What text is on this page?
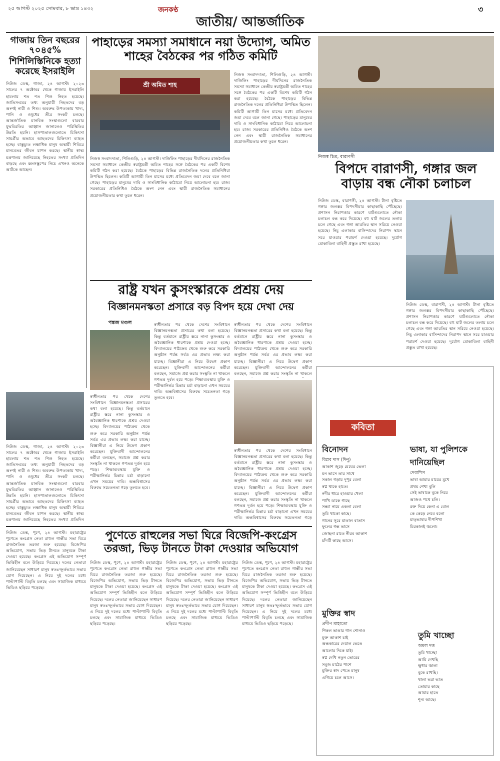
২৫ আগস্ট ২০২৫ সোমবার, ৮ ভাদ্র ১৪৩২	জনকণ্ঠ
জাতীয়/ আন্তর্জাতিক
৩
গাজায় তিন বছরের ৭০৪৫% শিশিলিস্তিনিকে হত্যা করেছে ইসরাইলি
নিউজ ডেস্ক, গাজা, ২৪ আগস্ট। ২০২৩ সালের ৭ অক্টোবর থেকে গাজায় ইসরাইলি হামলায় শত শত শিশু নিহত হয়েছে। জাতিসংঘের তথ্য অনুযায়ী নিহতদের বড় অংশই নারী ও শিশু। অবরুদ্ধ উপত্যকায় খাদ্য, পানি ও ওষুধের তীব্র সংকট চলছে। আন্তর্জাতিক মানবিক সংস্থাগুলো বারবার যুদ্ধবিরতির আহ্বান জানালেও পরিস্থিতির উন্নতি হয়নি। হাসপাতালগুলোতে চিকিৎসা সামগ্রীর অভাবে আহতদের চিকিৎসা ব্যাহত হচ্ছে। বাস্তুচ্যুত লক্ষাধিক মানুষ অস্থায়ী শিবিরে মানবেতর জীবন যাপন করছে। স্থানীয় স্বাস্থ্য মন্ত্রণালয় জানিয়েছে নিহতের সংখ্যা প্রতিদিন বাড়ছে এবং ধ্বংসস্তূপের নিচে এখনও অনেকে আটকে আছেন।
পাহাড়ের সমস্যা সমাধানে নয়া উদ্যোগ, অমিত শাহের বৈঠকের পর গঠিত কমিটি
শ্রী অমিত শাহ
নিজস্ব সংবাদদাতা, শিলিগুড়ি, ২৪ আগস্ট। দার্জিলিং পাহাড়ের দীর্ঘদিনের রাজনৈতিক সমস্যা সমাধানে কেন্দ্রীয় স্বরাষ্ট্রমন্ত্রী অমিত শাহের সঙ্গে বৈঠকের পর একটি বিশেষ কমিটি গঠন করা হয়েছে। বৈঠকে পাহাড়ের বিভিন্ন রাজনৈতিক দলের প্রতিনিধিরা উপস্থিত ছিলেন। কমিটি আগামী তিন মাসের মধ্যে প্রতিবেদন জমা দেবে বলে জানা গেছে। পাহাড়ের মানুষের দাবি ও সাংবিধানিক কাঠামো নিয়ে আলোচনা হয়। রাজ্য সরকারের প্রতিনিধিও বৈঠকে অংশ নেন এবং স্থায়ী রাজনৈতিক সমাধানের প্রয়োজনীয়তার কথা তুলে ধরেন।
নিজস্ব সংবাদদাতা, শিলিগুড়ি, ২৪ আগস্ট। দার্জিলিং পাহাড়ের দীর্ঘদিনের রাজনৈতিক সমস্যা সমাধানে কেন্দ্রীয় স্বরাষ্ট্রমন্ত্রী অমিত শাহের সঙ্গে বৈঠকের পর একটি বিশেষ কমিটি গঠন করা হয়েছে। বৈঠকে পাহাড়ের বিভিন্ন রাজনৈতিক দলের প্রতিনিধিরা উপস্থিত ছিলেন। কমিটি আগামী তিন মাসের মধ্যে প্রতিবেদন জমা দেবে বলে জানা গেছে। পাহাড়ের মানুষের দাবি ও সাংবিধানিক কাঠামো নিয়ে আলোচনা হয়। রাজ্য সরকারের প্রতিনিধিও বৈঠকে অংশ নেন এবং স্থায়ী রাজনৈতিক সমাধানের প্রয়োজনীয়তার কথা তুলে ধরেন।
নিজস্ব চিত্র, বারাণসী
বিপদে বারাণসী, গঙ্গার জল বাড়ায় বন্ধ নৌকা চলাচল
নিউজ ডেস্ক, বারাণসী, ২৪ আগস্ট। টানা বৃষ্টিতে গঙ্গার জলস্তর বিপদসীমার কাছাকাছি পৌঁছেছে। প্রশাসন নিরাপত্তার কারণে ঘাটগুলোতে নৌকা চলাচল বন্ধ করে দিয়েছে। বহু ঘাট জলের তলায় চলে গেছে এবং গঙ্গা আরতির স্থান সরিয়ে নেওয়া হয়েছে। নিচু এলাকার বাসিন্দাদের নিরাপদ স্থানে সরে যাওয়ার পরামর্শ দেওয়া হয়েছে। দুর্যোগ মোকাবিলা বাহিনী প্রস্তুত রাখা হয়েছে।
নিউজ ডেস্ক, বারাণসী, ২৪ আগস্ট। টানা বৃষ্টিতে গঙ্গার জলস্তর বিপদসীমার কাছাকাছি পৌঁছেছে। প্রশাসন নিরাপত্তার কারণে ঘাটগুলোতে নৌকা চলাচল বন্ধ করে দিয়েছে। বহু ঘাট জলের তলায় চলে গেছে এবং গঙ্গা আরতির স্থান সরিয়ে নেওয়া হয়েছে। নিচু এলাকার বাসিন্দাদের নিরাপদ স্থানে সরে যাওয়ার পরামর্শ দেওয়া হয়েছে। দুর্যোগ মোকাবিলা বাহিনী প্রস্তুত রাখা হয়েছে।
রাষ্ট্র যখন কুসংস্কারকে প্রশ্রয় দেয়
বিজ্ঞানমনস্কতা প্রসারে বড় বিপদ হয়ে দেখা দেয়
পঙ্কজ মণ্ডল
স্বাধীনতার পর থেকে দেশের সংবিধানে বিজ্ঞানমনস্কতা প্রসারের কথা বলা হয়েছে। কিন্তু বর্তমানে রাষ্ট্রীয় স্তরে নানা কুসংস্কার ও অবৈজ্ঞানিক ধারণাকে প্রশ্রয় দেওয়া হচ্ছে। বিদ্যালয়ের পাঠ্যক্রম থেকে শুরু করে সরকারি অনুষ্ঠান পর্যন্ত সর্বত্র এর প্রভাব লক্ষ্য করা যাচ্ছে। বিজ্ঞানীরা এ নিয়ে উদ্বেগ প্রকাশ করেছেন। যুক্তিবাদী আন্দোলনের কর্মীরা বলছেন, সমাজে প্রশ্ন করার সংস্কৃতি না থাকলে গণতন্ত্র দুর্বল হয়ে পড়ে। শিক্ষাব্যবস্থায় যুক্তি ও পরীক্ষানির্ভর চিন্তার চর্চা বাড়ানো এখন সময়ের দাবি। অন্ধবিশ্বাসের বিরুদ্ধে সচেতনতা গড়ে তুলতে হবে।
স্বাধীনতার পর থেকে দেশের সংবিধানে বিজ্ঞানমনস্কতা প্রসারের কথা বলা হয়েছে। কিন্তু বর্তমানে রাষ্ট্রীয় স্তরে নানা কুসংস্কার ও অবৈজ্ঞানিক ধারণাকে প্রশ্রয় দেওয়া হচ্ছে। বিদ্যালয়ের পাঠ্যক্রম থেকে শুরু করে সরকারি অনুষ্ঠান পর্যন্ত সর্বত্র এর প্রভাব লক্ষ্য করা যাচ্ছে। বিজ্ঞানীরা এ নিয়ে উদ্বেগ প্রকাশ করেছেন। যুক্তিবাদী আন্দোলনের কর্মীরা বলছেন, সমাজে প্রশ্ন করার সংস্কৃতি না থাকলে গণতন্ত্র দুর্বল হয়ে পড়ে। শিক্ষাব্যবস্থায় যুক্তি ও পরীক্ষানির্ভর চিন্তার চর্চা বাড়ানো এখন সময়ের দাবি। অন্ধবিশ্বাসের বিরুদ্ধে সচেতনতা গড়ে তুলতে হবে।
স্বাধীনতার পর থেকে দেশের সংবিধানে বিজ্ঞানমনস্কতা প্রসারের কথা বলা হয়েছে। কিন্তু বর্তমানে রাষ্ট্রীয় স্তরে নানা কুসংস্কার ও অবৈজ্ঞানিক ধারণাকে প্রশ্রয় দেওয়া হচ্ছে। বিদ্যালয়ের পাঠ্যক্রম থেকে শুরু করে সরকারি অনুষ্ঠান পর্যন্ত সর্বত্র এর প্রভাব লক্ষ্য করা যাচ্ছে। বিজ্ঞানীরা এ নিয়ে উদ্বেগ প্রকাশ করেছেন। যুক্তিবাদী আন্দোলনের কর্মীরা বলছেন, সমাজে প্রশ্ন করার সংস্কৃতি না থাকলে
স্বাধীনতার পর থেকে দেশের সংবিধানে বিজ্ঞানমনস্কতা প্রসারের কথা বলা হয়েছে। কিন্তু বর্তমানে রাষ্ট্রীয় স্তরে নানা কুসংস্কার ও অবৈজ্ঞানিক ধারণাকে প্রশ্রয় দেওয়া হচ্ছে। বিদ্যালয়ের পাঠ্যক্রম থেকে শুরু করে সরকারি অনুষ্ঠান পর্যন্ত সর্বত্র এর প্রভাব লক্ষ্য করা যাচ্ছে। বিজ্ঞানীরা এ নিয়ে উদ্বেগ প্রকাশ করেছেন। যুক্তিবাদী আন্দোলনের কর্মীরা বলছেন, সমাজে প্রশ্ন করার সংস্কৃতি না থাকলে গণতন্ত্র দুর্বল হয়ে পড়ে। শিক্ষাব্যবস্থায় যুক্তি ও পরীক্ষানির্ভর চিন্তার চর্চা বাড়ানো এখন সময়ের দাবি। অন্ধবিশ্বাসের বিরুদ্ধে সচেতনতা গড়ে
নিউজ ডেস্ক, গাজা, ২৪ আগস্ট। ২০২৩ সালের ৭ অক্টোবর থেকে গাজায় ইসরাইলি হামলায় শত শত শিশু নিহত হয়েছে। জাতিসংঘের তথ্য অনুযায়ী নিহতদের বড় অংশই নারী ও শিশু। অবরুদ্ধ উপত্যকায় খাদ্য, পানি ও ওষুধের তীব্র সংকট চলছে। আন্তর্জাতিক মানবিক সংস্থাগুলো বারবার যুদ্ধবিরতির আহ্বান জানালেও পরিস্থিতির উন্নতি হয়নি। হাসপাতালগুলোতে চিকিৎসা সামগ্রীর অভাবে আহতদের চিকিৎসা ব্যাহত হচ্ছে। বাস্তুচ্যুত লক্ষাধিক মানুষ অস্থায়ী শিবিরে মানবেতর জীবন যাপন করছে। স্থানীয় স্বাস্থ্য মন্ত্রণালয় জানিয়েছে নিহতের সংখ্যা প্রতিদিন
পুণেতে রাহুলের সভা ঘিরে বিজেপি-কংগ্রেস তরজা, ভিড় টানতে টাকা দেওয়ার অভিযোগ
নিউজ ডেস্ক, পুণে, ২৪ আগস্ট। মহারাষ্ট্রের পুণেতে কংগ্রেস নেতা রাহুল গান্ধীর সভা ঘিরে রাজনৈতিক তরজা শুরু হয়েছে। বিজেপির অভিযোগ, সভায় ভিড় টানতে মানুষকে টাকা দেওয়া হয়েছে। কংগ্রেস এই অভিযোগ সম্পূর্ণ ভিত্তিহীন বলে উড়িয়ে দিয়েছে। দলের নেতারা জানিয়েছেন সাধারণ মানুষ স্বতঃস্ফূর্তভাবে সভায় যোগ দিয়েছেন। এ নিয়ে দুই দলের মধ্যে পাল্টাপাল্টি বিবৃতি চলছে এবং সামাজিক মাধ্যমে ভিডিও ছড়িয়ে পড়েছে।
নিউজ ডেস্ক, পুণে, ২৪ আগস্ট। মহারাষ্ট্রের পুণেতে কংগ্রেস নেতা রাহুল গান্ধীর সভা ঘিরে রাজনৈতিক তরজা শুরু হয়েছে। বিজেপির অভিযোগ, সভায় ভিড় টানতে মানুষকে টাকা দেওয়া হয়েছে। কংগ্রেস এই অভিযোগ সম্পূর্ণ ভিত্তিহীন বলে উড়িয়ে দিয়েছে। দলের নেতারা জানিয়েছেন সাধারণ মানুষ স্বতঃস্ফূর্তভাবে সভায় যোগ দিয়েছেন। এ নিয়ে দুই দলের মধ্যে পাল্টাপাল্টি বিবৃতি চলছে এবং সামাজিক মাধ্যমে ভিডিও ছড়িয়ে পড়েছে।
নিউজ ডেস্ক, পুণে, ২৪ আগস্ট। মহারাষ্ট্রের পুণেতে কংগ্রেস নেতা রাহুল গান্ধীর সভা ঘিরে রাজনৈতিক তরজা শুরু হয়েছে। বিজেপির অভিযোগ, সভায় ভিড় টানতে মানুষকে টাকা দেওয়া হয়েছে। কংগ্রেস এই অভিযোগ সম্পূর্ণ ভিত্তিহীন বলে উড়িয়ে দিয়েছে। দলের নেতারা জানিয়েছেন সাধারণ মানুষ স্বতঃস্ফূর্তভাবে সভায় যোগ দিয়েছেন। এ নিয়ে দুই দলের মধ্যে পাল্টাপাল্টি বিবৃতি চলছে এবং সামাজিক মাধ্যমে ভিডিও ছড়িয়ে পড়েছে।
নিউজ ডেস্ক, পুণে, ২৪ আগস্ট। মহারাষ্ট্রের পুণেতে কংগ্রেস নেতা রাহুল গান্ধীর সভা ঘিরে রাজনৈতিক তরজা শুরু হয়েছে। বিজেপির অভিযোগ, সভায় ভিড় টানতে মানুষকে টাকা দেওয়া হয়েছে। কংগ্রেস এই অভিযোগ সম্পূর্ণ ভিত্তিহীন বলে উড়িয়ে দিয়েছে। দলের নেতারা জানিয়েছেন সাধারণ মানুষ স্বতঃস্ফূর্তভাবে সভায় যোগ দিয়েছেন। এ নিয়ে দুই দলের মধ্যে পাল্টাপাল্টি বিবৃতি চলছে এবং সামাজিক মাধ্যমে ভিডিও ছড়িয়ে পড়েছে।
কবিতা
বিনোদন
বিপ্লব দাস (দিনু)
আকাশ জুড়ে মেঘের ভেলা
মন ভাসে তার সাথে
সকাল গড়ায় দুপুর বেলা
স্বপ্ন থাকে হাতে।
নদীর ধারে হাওয়ার খেলা
পাখি ডাকে গাছে
সন্ধ্যা নামে একলা বেলা
তুমি থাকো কাছে।
গানের সুরে মাতাল বাতাস
ফুলের গন্ধ ভাসে
জোছনা রাতে নীরব আকাশ
চাঁদটি কাছে আসে।
ভাষা, যা পুলিশকে দানিয়েছিল
দেবাশিস
ভাষা আমার মায়ের মুখে
প্রথম শেখা বুলি
সেই ভাষাকে বুকে নিয়ে
আজও পথে চলি।
রক্ত দিয়ে কেনা এ বোল
কে কেড়ে নেবে বলো
মাতৃভাষার দীপশিখা
চিরকালই জ্বলো।
মুক্তির স্বাদ
প্রদীপ মাহাতো
শিকল ভাঙার গান শোনাও
মুক্ত আকাশ চাই
অন্ধকারের দেয়াল ভেঙে
আলোর দিকে যাই।
স্বপ্ন দেখি নতুন ভোরের
সবুজ মাঠের পাশে
মুক্তির স্বাদ পেতে মানুষ
এগিয়ে চলে আসে।
তুমি খাচ্ছো
অমল দত্ত
তুমি খাচ্ছো
আমি দেখছি
ক্ষুধার জ্বালা
বুকে রাখছি।
থালা ভরা ভাত
তোমার কাছে
আমার হাতে
শূন্য আছে।
